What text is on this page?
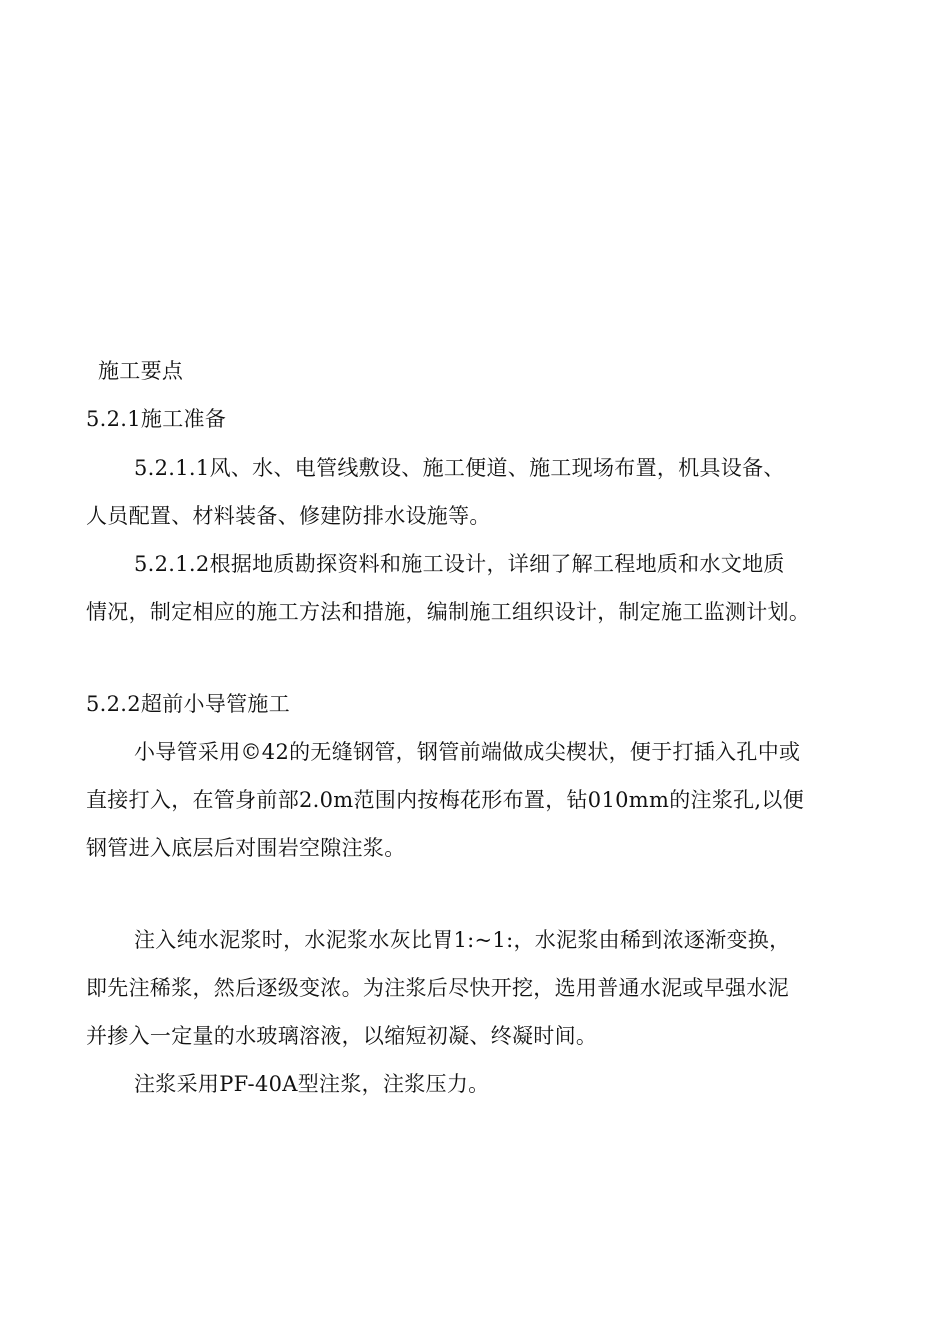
施工要点
5.2.1施工准备
5.2.1.1风、水、电管线敷设、施工便道、施工现场布置，机具设备、
人员配置、材料装备、修建防排水设施等。
5.2.1.2根据地质勘探资料和施工设计，详细了解工程地质和水文地质
情况，制定相应的施工方法和措施，编制施工组织设计，制定施工监测计划。
5.2.2超前小导管施工
小导管采用©42的无缝钢管，钢管前端做成尖楔状，便于打插入孔中或
直接打入，在管身前部2.0m范围内按梅花形布置，钻010mm的注浆孔,以便
钢管进入底层后对围岩空隙注浆。
注入纯水泥浆时，水泥浆水灰比胃1:~1:，水泥浆由稀到浓逐渐变换，
即先注稀浆，然后逐级变浓。为注浆后尽快开挖，选用普通水泥或早强水泥
并掺入一定量的水玻璃溶液，以缩短初凝、终凝时间。
注浆采用PF-40A型注浆，注浆压力。
